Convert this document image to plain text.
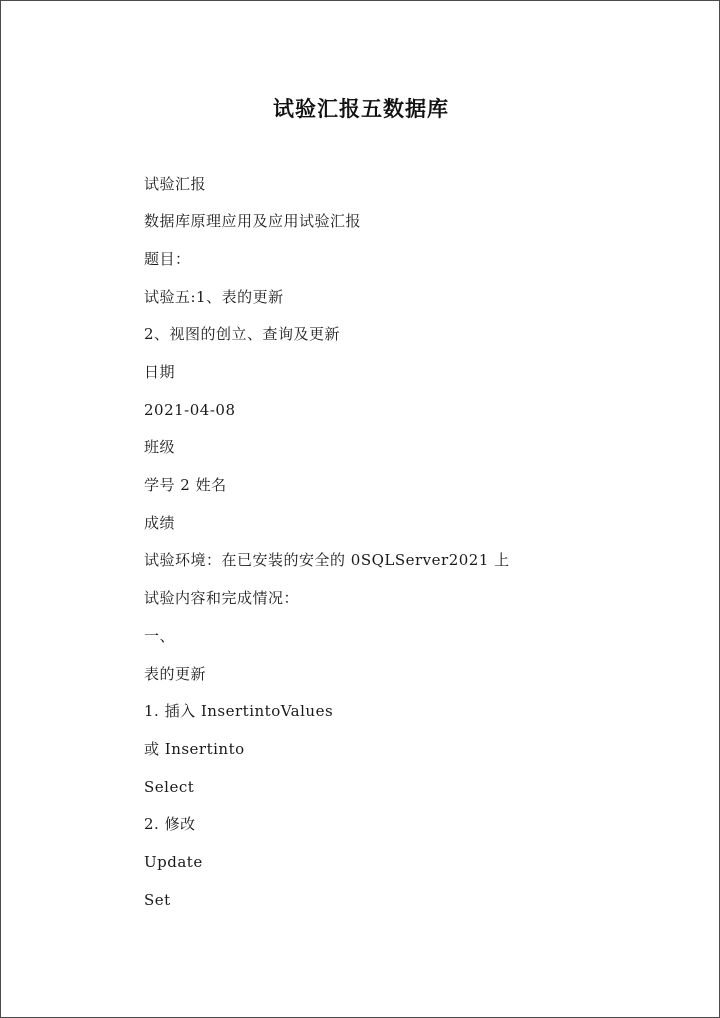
试验汇报五数据库
试验汇报
数据库原理应用及应用试验汇报
题目：
试验五:1、表的更新
2、视图的创立、查询及更新
日期
2021-04-08
班级
学号 2 姓名
成绩
试验环境：在已安装的安全的 0SQLServer2021 上
试验内容和完成情况：
一、
表的更新
1. 插入 InsertintoValues
或 Insertinto
Select
2. 修改
Update
Set
